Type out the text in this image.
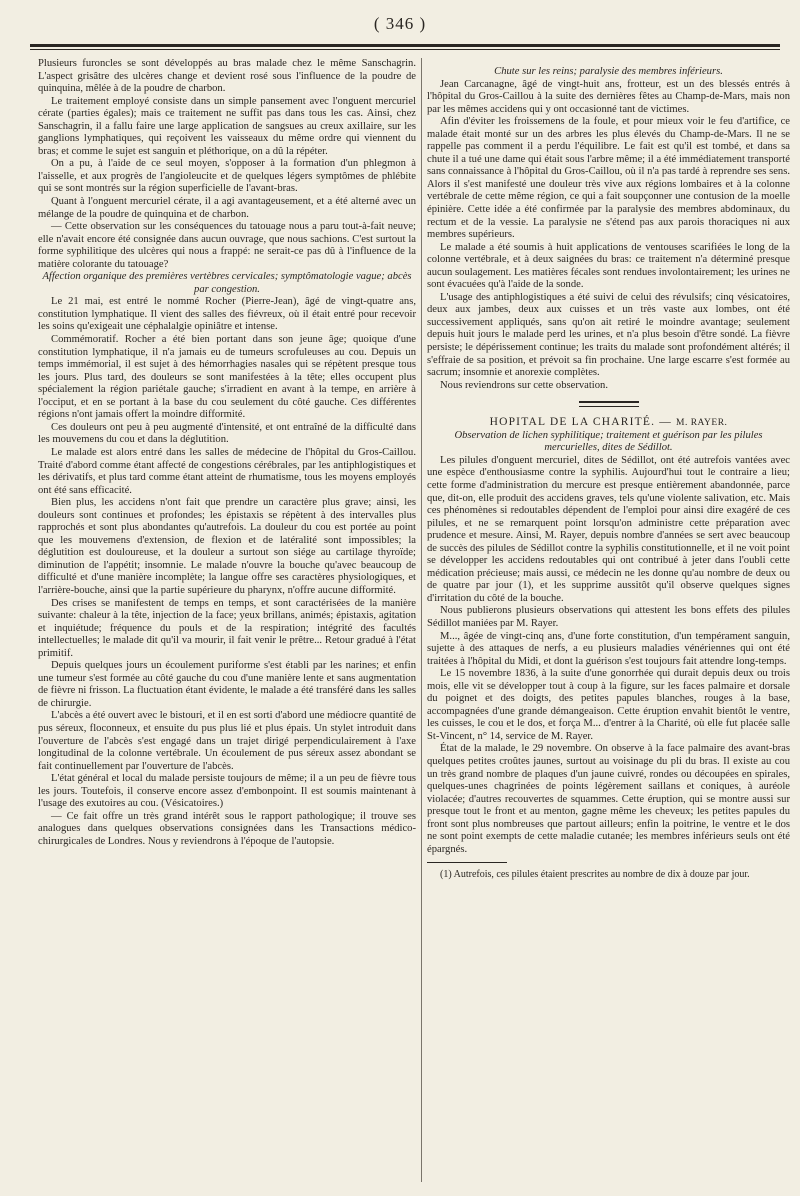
( 346 )

Plusieurs furoncles se sont développés au bras malade chez le même Sanschagrin. L'aspect grisâtre des ulcères change et devient rosé sous l'influence de la poudre de quinquina, mêlée à de la poudre de charbon.

Le traitement employé consiste dans un simple pansement avec l'onguent mercuriel cérate (parties égales); mais ce traitement ne suffit pas dans tous les cas. Ainsi, chez Sanschagrin, il a fallu faire une large application de sangsues au creux axillaire, sur les ganglions lymphatiques, qui reçoivent les vaisseaux du même ordre qui viennent du bras; et comme le sujet est sanguin et pléthorique, on a dû la répéter.

On a pu, à l'aide de ce seul moyen, s'opposer à la formation d'un phlegmon à l'aisselle, et aux progrès de l'angioleucite et de quelques légers symptômes de phlébite qui se sont montrés sur la région superficielle de l'avant-bras.

Quant à l'onguent mercuriel cérate, il a agi avantageusement, et a été alterné avec un mélange de la poudre de quinquina et de charbon.

— Cette observation sur les conséquences du tatouage nous a paru tout-à-fait neuve; elle n'avait encore été consignée dans aucun ouvrage, que nous sachions. C'est surtout la forme syphilitique des ulcères qui nous a frappé: ne serait-ce pas dû à l'influence de la matière colorante du tatouage?

Affection organique des premières vertèbres cervicales; symptômatologie vague; abcès par congestion.

Le 21 mai, est entré le nommé Rocher (Pierre-Jean), âgé de vingt-quatre ans, constitution lymphatique. Il vient des salles des fiévreux, où il était entré pour recevoir les soins qu'exigeait une céphalalgie opiniâtre et intense.

Commémoratif. Rocher a été bien portant dans son jeune âge; quoique d'une constitution lymphatique, il n'a jamais eu de tumeurs scrofuleuses au cou. Depuis un temps immémorial, il est sujet à des hémorrhagies nasales qui se répètent presque tous les jours. Plus tard, des douleurs se sont manifestées à la tête; elles occupent plus spécialement la région pariétale gauche; s'irradient en avant à la tempe, en arrière à l'occiput, et en se portant à la base du cou seulement du côté gauche. Ces différentes régions n'ont jamais offert la moindre difformité.

Ces douleurs ont peu à peu augmenté d'intensité, et ont entraîné de la difficulté dans les mouvemens du cou et dans la déglutition.

Le malade est alors entré dans les salles de médecine de l'hôpital du Gros-Caillou. Traité d'abord comme étant affecté de congestions cérébrales, par les antiphlogistiques et les dérivatifs, et plus tard comme étant atteint de rhumatisme, tous les moyens employés ont été sans efficacité.

Bien plus, les accidens n'ont fait que prendre un caractère plus grave; ainsi, les douleurs sont continues et profondes; les épistaxis se répètent à des intervalles plus rapprochés et sont plus abondantes qu'autrefois. La douleur du cou est portée au point que les mouvemens d'extension, de flexion et de latéralité sont impossibles; la déglutition est douloureuse, et la douleur a surtout son siége au cartilage thyroïde; diminution de l'appétit; insomnie. Le malade n'ouvre la bouche qu'avec beaucoup de difficulté et d'une manière incomplète; la langue offre ses caractères physiologiques, et l'arrière-bouche, ainsi que la partie supérieure du pharynx, n'offre aucune difformité.

Des crises se manifestent de temps en temps, et sont caractérisées de la manière suivante: chaleur à la tête, injection de la face; yeux brillans, animés; épistaxis, agitation et inquiétude; fréquence du pouls et de la respiration; intégrité des facultés intellectuelles; le malade dit qu'il va mourir, il fait venir le prêtre... Retour gradué à l'état primitif.

Depuis quelques jours un écoulement puriforme s'est établi par les narines; et enfin une tumeur s'est formée au côté gauche du cou d'une manière lente et sans augmentation de fièvre ni frisson. La fluctuation étant évidente, le malade a été transféré dans les salles de chirurgie.

L'abcès a été ouvert avec le bistouri, et il en est sorti d'abord une médiocre quantité de pus séreux, floconneux, et ensuite du pus plus lié et plus épais. Un stylet introduit dans l'ouverture de l'abcès s'est engagé dans un trajet dirigé perpendiculairement à l'axe longitudinal de la colonne vertébrale. Un écoulement de pus séreux assez abondant se fait continuellement par l'ouverture de l'abcès.

L'état général et local du malade persiste toujours de même; il a un peu de fièvre tous les jours. Toutefois, il conserve encore assez d'embonpoint. Il est soumis maintenant à l'usage des exutoires au cou. (Vésicatoires.)

— Ce fait offre un très grand intérêt sous le rapport pathologique; il trouve ses analogues dans quelques observations consignées dans les Transactions médico-chirurgicales de Londres. Nous y reviendrons à l'époque de l'autopsie.

Chute sur les reins; paralysie des membres inférieurs.

Jean Carcanagne, âgé de vingt-huit ans, frotteur, est un des blessés entrés à l'hôpital du Gros-Caillou à la suite des dernières fêtes au Champ-de-Mars, mais non par les mêmes accidens qui y ont occasionné tant de victimes.

Afin d'éviter les froissemens de la foule, et pour mieux voir le feu d'artifice, ce malade était monté sur un des arbres les plus élevés du Champ-de-Mars. Il ne se rappelle pas comment il a perdu l'équilibre. Le fait est qu'il est tombé, et dans sa chute il a tué une dame qui était sous l'arbre même; il a été immédiatement transporté sans connaissance à l'hôpital du Gros-Caillou, où il n'a pas tardé à reprendre ses sens. Alors il s'est manifesté une douleur très vive aux régions lombaires et à la colonne vertébrale de cette même région, ce qui a fait soupçonner une contusion de la moelle épinière. Cette idée a été confirmée par la paralysie des membres abdominaux, du rectum et de la vessie. La paralysie ne s'étend pas aux parois thoraciques ni aux membres supérieurs.

Le malade a été soumis à huit applications de ventouses scarifiées le long de la colonne vertébrale, et à deux saignées du bras: ce traitement n'a déterminé presque aucun soulagement. Les matières fécales sont rendues involontairement; les urines ne sont évacuées qu'à l'aide de la sonde.

L'usage des antiphlogistiques a été suivi de celui des révulsifs; cinq vésicatoires, deux aux jambes, deux aux cuisses et un très vaste aux lombes, ont été successivement appliqués, sans qu'on ait retiré le moindre avantage; seulement depuis huit jours le malade perd les urines, et n'a plus besoin d'être sondé. La fièvre persiste; le dépérissement continue; les traits du malade sont profondément altérés; il s'effraie de sa position, et prévoit sa fin prochaine. Une large escarre s'est formée au sacrum; insomnie et anorexie complètes.

Nous reviendrons sur cette observation.

HOPITAL DE LA CHARITÉ. — M. RAYER.

Observation de lichen syphilitique; traitement et guérison par les pilules mercurielles, dites de Sédillot.

Les pilules d'onguent mercuriel, dites de Sédillot, ont été autrefois vantées avec une espèce d'enthousiasme contre la syphilis. Aujourd'hui tout le contraire a lieu; cette forme d'administration du mercure est presque entièrement abandonnée, parce que, dit-on, elle produit des accidens graves, tels qu'une violente salivation, etc. Mais ces phénomènes si redoutables dépendent de l'emploi pour ainsi dire exagéré de ces pilules, et ne se remarquent point lorsqu'on administre cette préparation avec prudence et mesure. Ainsi, M. Rayer, depuis nombre d'années se sert avec beaucoup de succès des pilules de Sédillot contre la syphilis constitutionnelle, et il ne voit point se développer les accidens redoutables qui ont contribué à jeter dans l'oubli cette médication précieuse; mais aussi, ce médecin ne les donne qu'au nombre de deux ou de quatre par jour (1), et les supprime aussitôt qu'il observe quelques signes d'irritation du côté de la bouche.

Nous publierons plusieurs observations qui attestent les bons effets des pilules Sédillot maniées par M. Rayer.

M..., âgée de vingt-cinq ans, d'une forte constitution, d'un tempérament sanguin, sujette à des attaques de nerfs, a eu plusieurs maladies vénériennes qui ont été traitées à l'hôpital du Midi, et dont la guérison s'est toujours fait attendre long-temps.

Le 15 novembre 1836, à la suite d'une gonorrhée qui durait depuis deux ou trois mois, elle vit se développer tout à coup à la figure, sur les faces palmaire et dorsale du poignet et des doigts, des petites papules blanches, rouges à la base, accompagnées d'une grande démangeaison. Cette éruption envahit bientôt le ventre, les cuisses, le cou et le dos, et força M... d'entrer à la Charité, où elle fut placée salle St-Vincent, n° 14, service de M. Rayer.

État de la malade, le 29 novembre. On observe à la face palmaire des avant-bras quelques petites croûtes jaunes, surtout au voisinage du pli du bras. Il existe au cou un très grand nombre de plaques d'un jaune cuivré, rondes ou découpées en spirales, quelques-unes chagrinées de points légèrement saillans et coniques, à auréole violacée; d'autres recouvertes de squammes. Cette éruption, qui se montre aussi sur presque tout le front et au menton, gagne même les cheveux; les petites papules du front sont plus nombreuses que partout ailleurs; enfin la poitrine, le ventre et le dos ne sont point exempts de cette maladie cutanée; les membres inférieurs seuls ont été épargnés.

(1) Autrefois, ces pilules étaient prescrites au nombre de dix à douze par jour.
